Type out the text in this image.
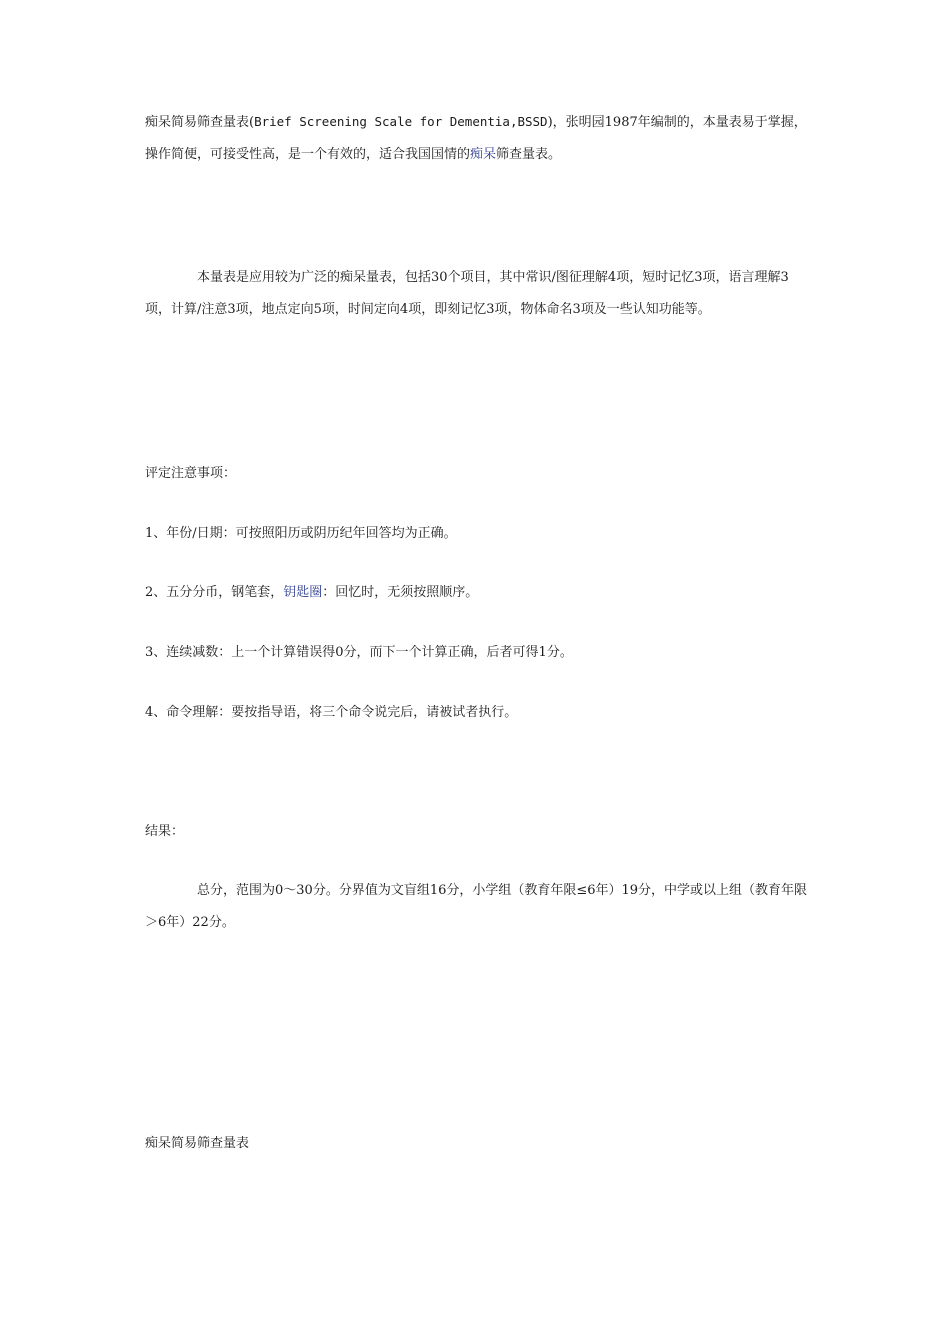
痴呆简易筛查量表(Brief Screening Scale for Dementia,BSSD)，张明园1987年编制的，本量表易于掌握，操作简便，可接受性高，是一个有效的，适合我国国情的痴呆筛查量表。

本量表是应用较为广泛的痴呆量表，包括30个项目，其中常识/图征理解4项，短时记忆3项，语言理解3项，计算/注意3项，地点定向5项，时间定向4项，即刻记忆3项，物体命名3项及一些认知功能等。

评定注意事项：

1、年份/日期：可按照阳历或阴历纪年回答均为正确。

2、五分分币，钢笔套，钥匙圈：回忆时，无须按照顺序。

3、连续减数：上一个计算错误得0分，而下一个计算正确，后者可得1分。

4、命令理解：要按指导语，将三个命令说完后，请被试者执行。

结果：

总分，范围为0～30分。分界值为文盲组16分，小学组（教育年限≤6年）19分，中学或以上组（教育年限＞6年）22分。

痴呆简易筛查量表
